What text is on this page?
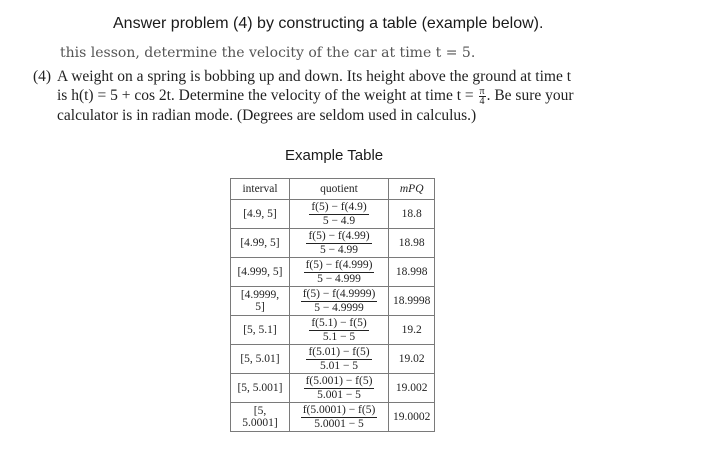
Answer problem (4) by constructing a table (example below).
this lesson, determine the velocity of the car at time t = 5.
(4) A weight on a spring is bobbing up and down. Its height above the ground at time t
is h(t) = 5 + cos 2t. Determine the velocity of the weight at time $t = \frac{\pi}{4}$ . Be sure your
calculator is in radian mode. (Degrees are seldom used in calculus.)
Example Table
interval	quotient	mPQ
[4.9, 5]	$\frac{f(5) - f(4.9)}{5 - 4.9}$	18.8
[4.99, 5]	$\frac{f(5) - f(4.99)}{5 - 4.99}$	18.98
[4.999, 5]	$\frac{f(5) - f(4.999)}{5 - 4.999}$	18.998
[4.9999, 5]	$\frac{f(5) - f(4.9999)}{5 - 4.9999}$	18.9998
[5, 5.1]	$\frac{f(5.1) - f(5)}{5.1 - 5}$	19.2
[5, 5.01]	$\frac{f(5.01) - f(5)}{5.01 - 5}$	19.02
[5, 5.001]	$\frac{f(5.001) - f(5)}{5.001 - 5}$	19.002
[5, 5.0001]	$\frac{f(5.0001) - f(5)}{5.0001 - 5}$	19.0002
